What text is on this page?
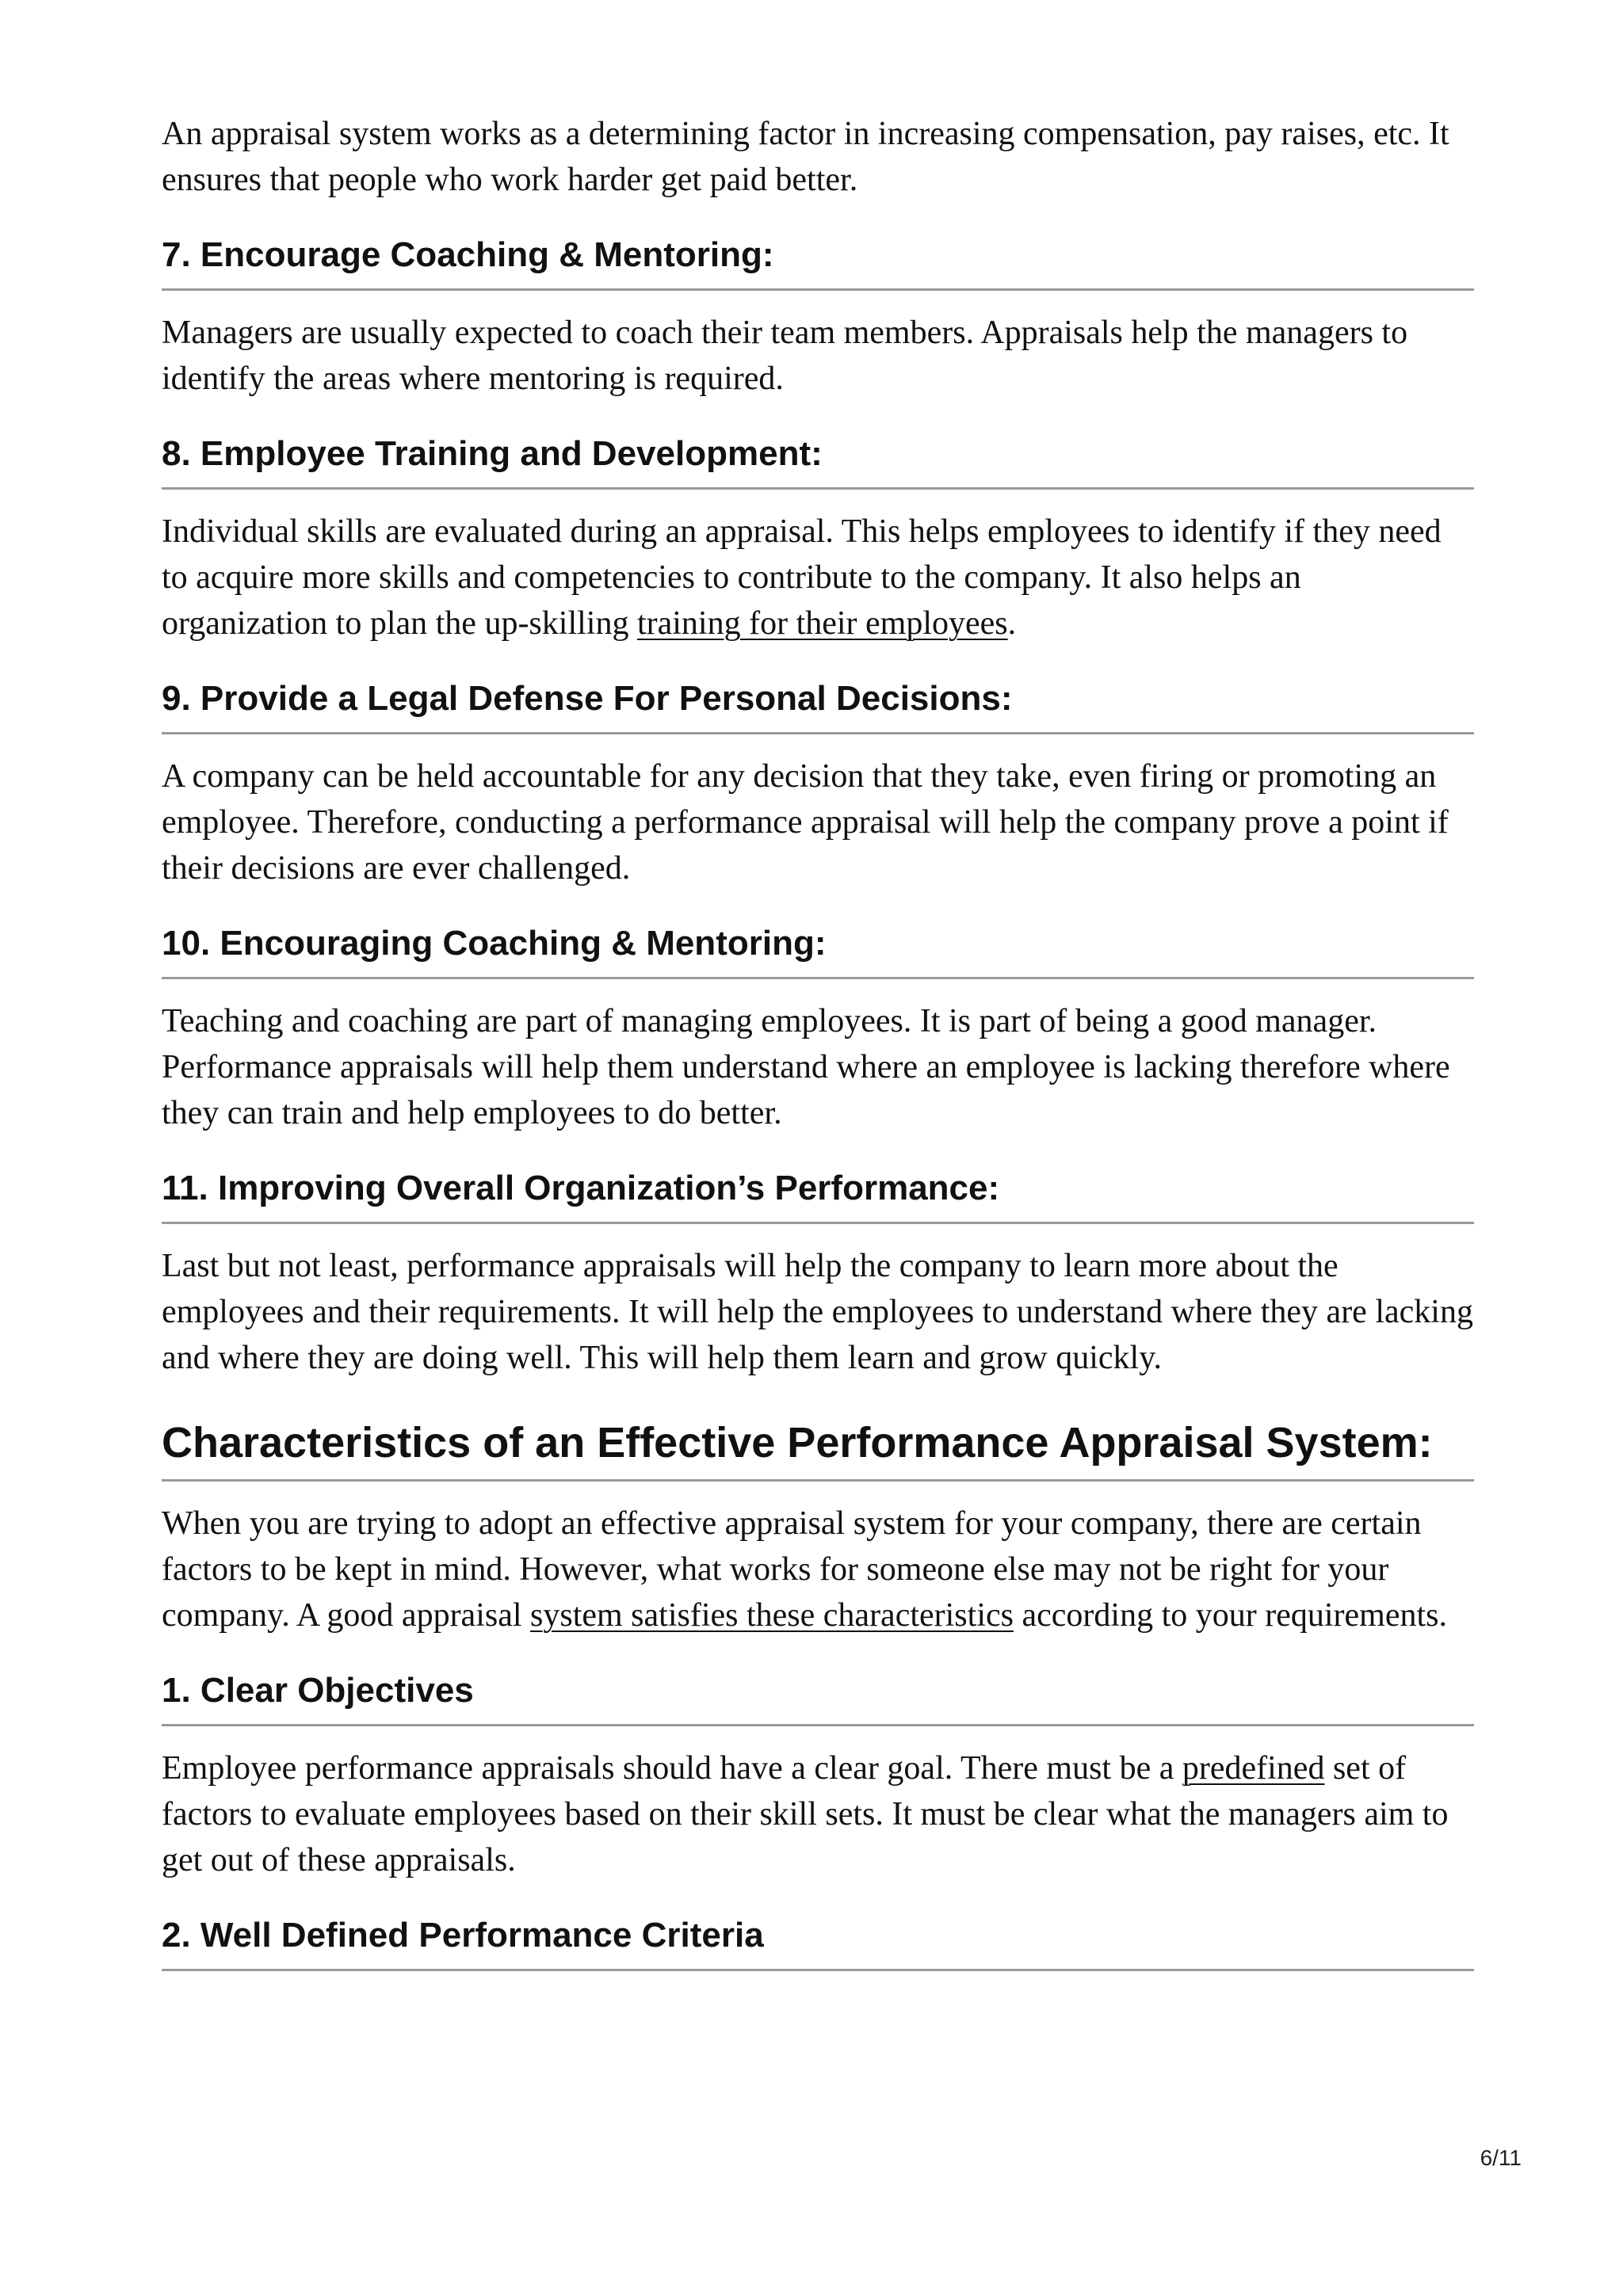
An appraisal system works as a determining factor in increasing compensation, pay raises, etc. It ensures that people who work harder get paid better.

7. Encourage Coaching & Mentoring:

Managers are usually expected to coach their team members. Appraisals help the managers to identify the areas where mentoring is required.

8. Employee Training and Development:

Individual skills are evaluated during an appraisal. This helps employees to identify if they need to acquire more skills and competencies to contribute to the company. It also helps an organization to plan the up-skilling training for their employees.

9. Provide a Legal Defense For Personal Decisions:

A company can be held accountable for any decision that they take, even firing or promoting an employee. Therefore, conducting a performance appraisal will help the company prove a point if their decisions are ever challenged.

10. Encouraging Coaching & Mentoring:

Teaching and coaching are part of managing employees. It is part of being a good manager. Performance appraisals will help them understand where an employee is lacking therefore where they can train and help employees to do better.

11. Improving Overall Organization’s Performance:

Last but not least, performance appraisals will help the company to learn more about the employees and their requirements. It will help the employees to understand where they are lacking and where they are doing well. This will help them learn and grow quickly.

Characteristics of an Effective Performance Appraisal System:

When you are trying to adopt an effective appraisal system for your company, there are certain factors to be kept in mind. However, what works for someone else may not be right for your company. A good appraisal system satisfies these characteristics according to your requirements.

1. Clear Objectives

Employee performance appraisals should have a clear goal. There must be a predefined set of factors to evaluate employees based on their skill sets. It must be clear what the managers aim to get out of these appraisals.

2. Well Defined Performance Criteria
6/11
